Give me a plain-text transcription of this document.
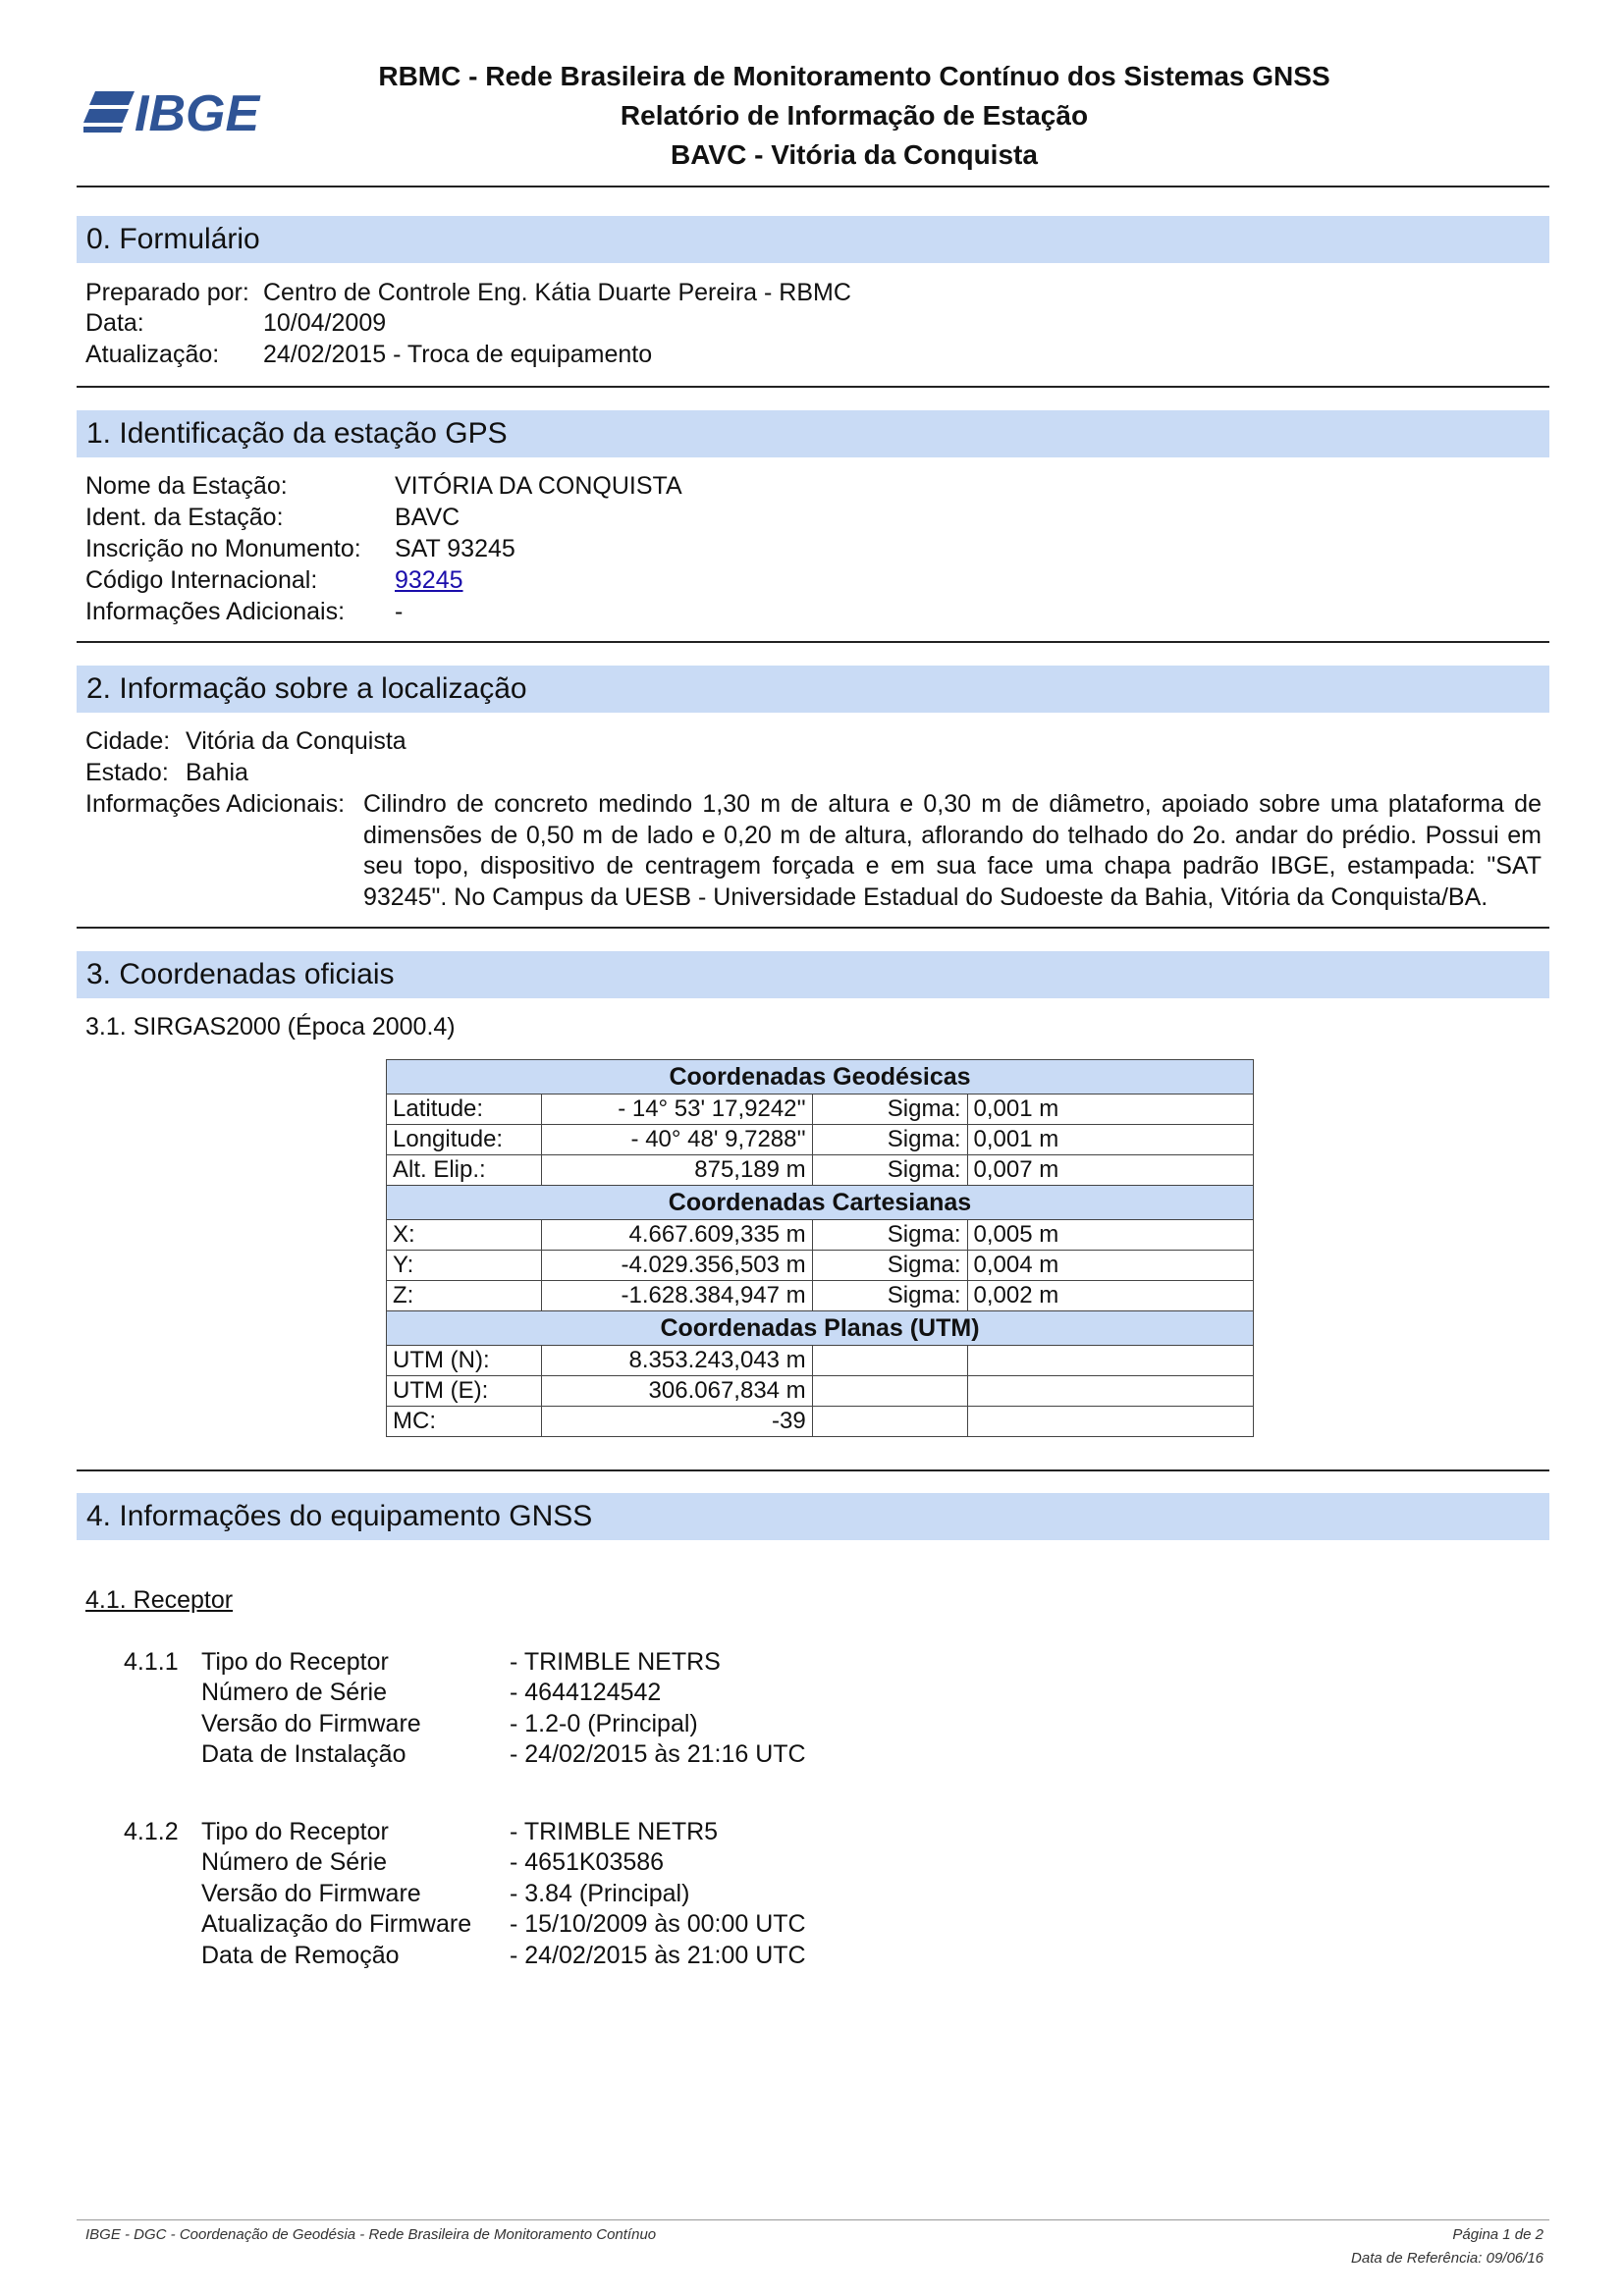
IBGE
RBMC - Rede Brasileira de Monitoramento Contínuo dos Sistemas GNSS
Relatório de Informação de Estação
BAVC - Vitória da Conquista
0. Formulário
Preparado por: Centro de Controle Eng. Kátia Duarte Pereira - RBMC
Data:	10/04/2009
Atualização: 24/02/2015 - Troca de equipamento
1. Identificação da estação GPS
Nome da Estação:	VITÓRIA DA CONQUISTA
Ident. da Estação:	BAVC
Inscrição no Monumento: SAT 93245
Código Internacional:	93245
Informações Adicionais: -
2. Informação sobre a localização
Cidade: Vitória da Conquista
Estado: Bahia
Informações Adicionais: Cilindro de concreto medindo 1,30 m de altura e 0,30 m de diâmetro, apoiado sobre uma plataforma de dimensões de 0,50 m de lado e 0,20 m de altura, aflorando do telhado do 2o. andar do prédio. Possui em seu topo, dispositivo de centragem forçada e em sua face uma chapa padrão IBGE, estampada: "SAT 93245". No Campus da UESB - Universidade Estadual do Sudoeste da Bahia, Vitória da Conquista/BA.
3. Coordenadas oficiais
3.1. SIRGAS2000 (Época 2000.4)
Coordenadas Geodésicas			
Latitude:	- 14° 53' 17,9242''	Sigma:	0,001 m
Longitude:	- 40° 48' 9,7288''	Sigma:	0,001 m
Alt. Elip.:	875,189 m	Sigma:	0,007 m
Coordenadas Cartesianas			
X:	4.667.609,335 m	Sigma:	0,005 m
Y:	-4.029.356,503 m	Sigma:	0,004 m
Z:	-1.628.384,947 m	Sigma:	0,002 m
Coordenadas Planas (UTM)			
UTM (N):	8.353.243,043 m		
UTM (E):	306.067,834 m		
MC:	-39		
4. Informações do equipamento GNSS
4.1. Receptor
4.1.1 Tipo do Receptor	- TRIMBLE NETRS
Número de Série	- 4644124542
Versão do Firmware	- 1.2-0 (Principal)
Data de Instalação	- 24/02/2015 às 21:16 UTC
4.1.2 Tipo do Receptor	- TRIMBLE NETR5
Número de Série	- 4651K03586
Versão do Firmware	- 3.84 (Principal)
Atualização do Firmware - 15/10/2009 às 00:00 UTC
Data de Remoção	- 24/02/2015 às 21:00 UTC
IBGE - DGC - Coordenação de Geodésia - Rede Brasileira de Monitoramento Contínuo	Página 1 de 2
Data de Referência: 09/06/16
